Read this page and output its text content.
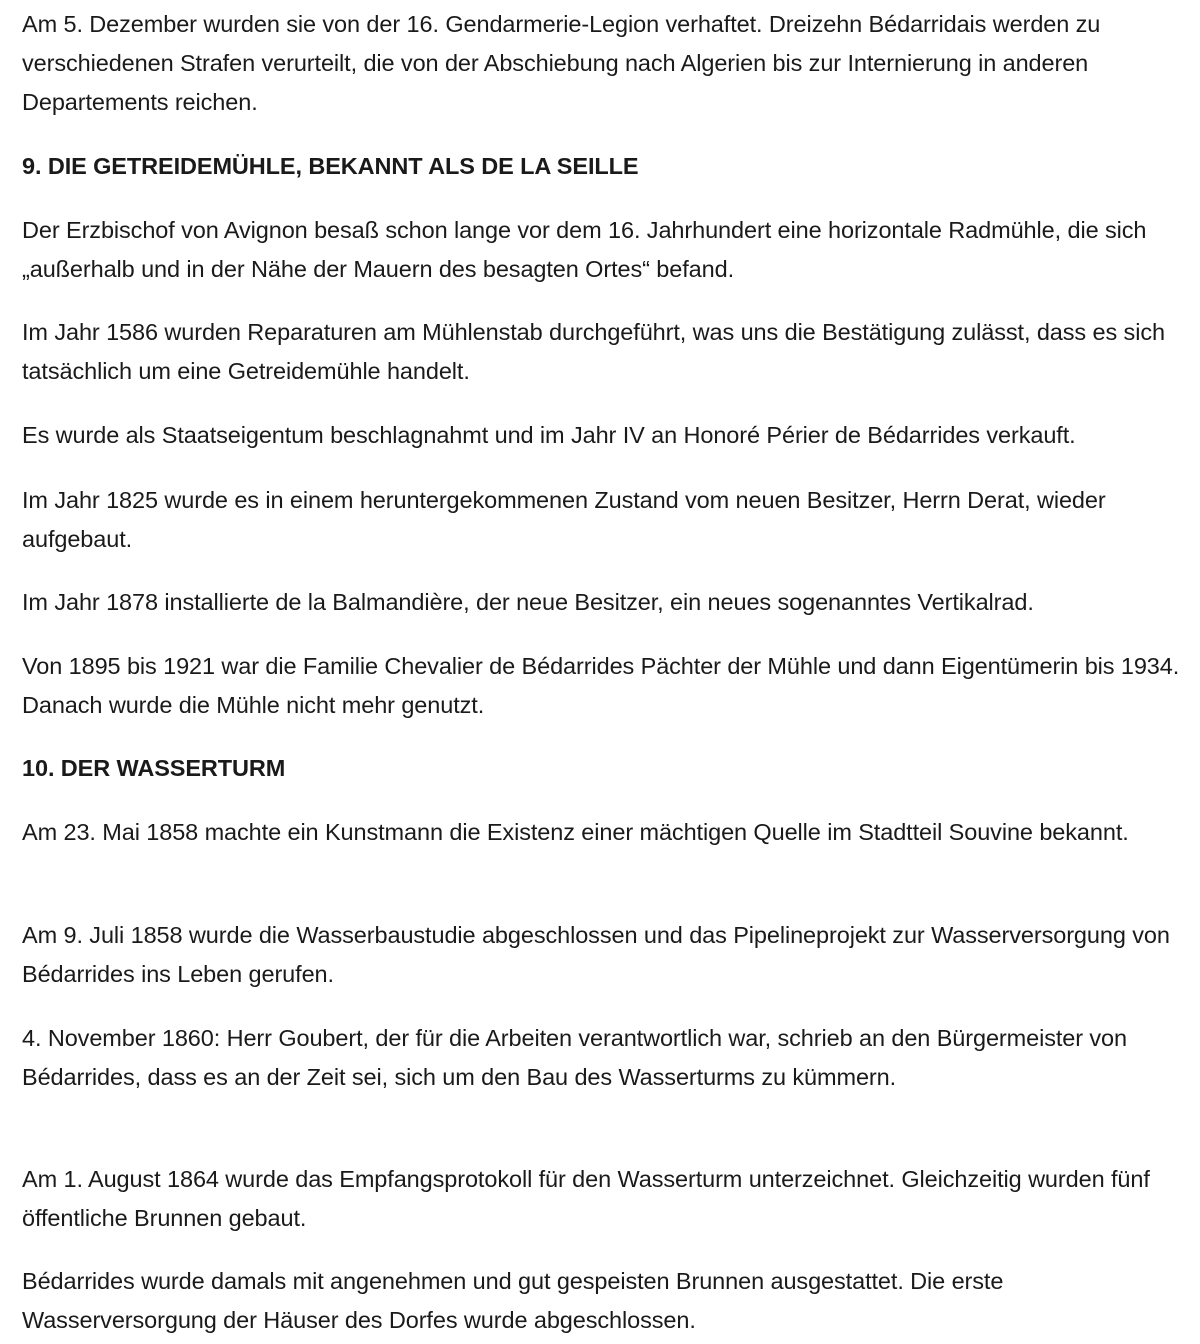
Am 5. Dezember wurden sie von der 16. Gendarmerie-Legion verhaftet. Dreizehn Bédarridais werden zu verschiedenen Strafen verurteilt, die von der Abschiebung nach Algerien bis zur Internierung in anderen Departements reichen.

9. DIE GETREIDEMÜHLE, BEKANNT ALS DE LA SEILLE

Der Erzbischof von Avignon besaß schon lange vor dem 16. Jahrhundert eine horizontale Radmühle, die sich „außerhalb und in der Nähe der Mauern des besagten Ortes“ befand.

Im Jahr 1586 wurden Reparaturen am Mühlenstab durchgeführt, was uns die Bestätigung zulässt, dass es sich tatsächlich um eine Getreidemühle handelt.

Es wurde als Staatseigentum beschlagnahmt und im Jahr IV an Honoré Périer de Bédarrides verkauft.

Im Jahr 1825 wurde es in einem heruntergekommenen Zustand vom neuen Besitzer, Herrn Derat, wieder aufgebaut.

Im Jahr 1878 installierte de la Balmandière, der neue Besitzer, ein neues sogenanntes Vertikalrad.

Von 1895 bis 1921 war die Familie Chevalier de Bédarrides Pächter der Mühle und dann Eigentümerin bis 1934. Danach wurde die Mühle nicht mehr genutzt.

10. DER WASSERTURM

Am 23. Mai 1858 machte ein Kunstmann die Existenz einer mächtigen Quelle im Stadtteil Souvine bekannt.

Am 9. Juli 1858 wurde die Wasserbaustudie abgeschlossen und das Pipelineprojekt zur Wasserversorgung von Bédarrides ins Leben gerufen.

4. November 1860: Herr Goubert, der für die Arbeiten verantwortlich war, schrieb an den Bürgermeister von Bédarrides, dass es an der Zeit sei, sich um den Bau des Wasserturms zu kümmern.

Am 1. August 1864 wurde das Empfangsprotokoll für den Wasserturm unterzeichnet. Gleichzeitig wurden fünf öffentliche Brunnen gebaut.

Bédarrides wurde damals mit angenehmen und gut gespeisten Brunnen ausgestattet. Die erste Wasserversorgung der Häuser des Dorfes wurde abgeschlossen.
